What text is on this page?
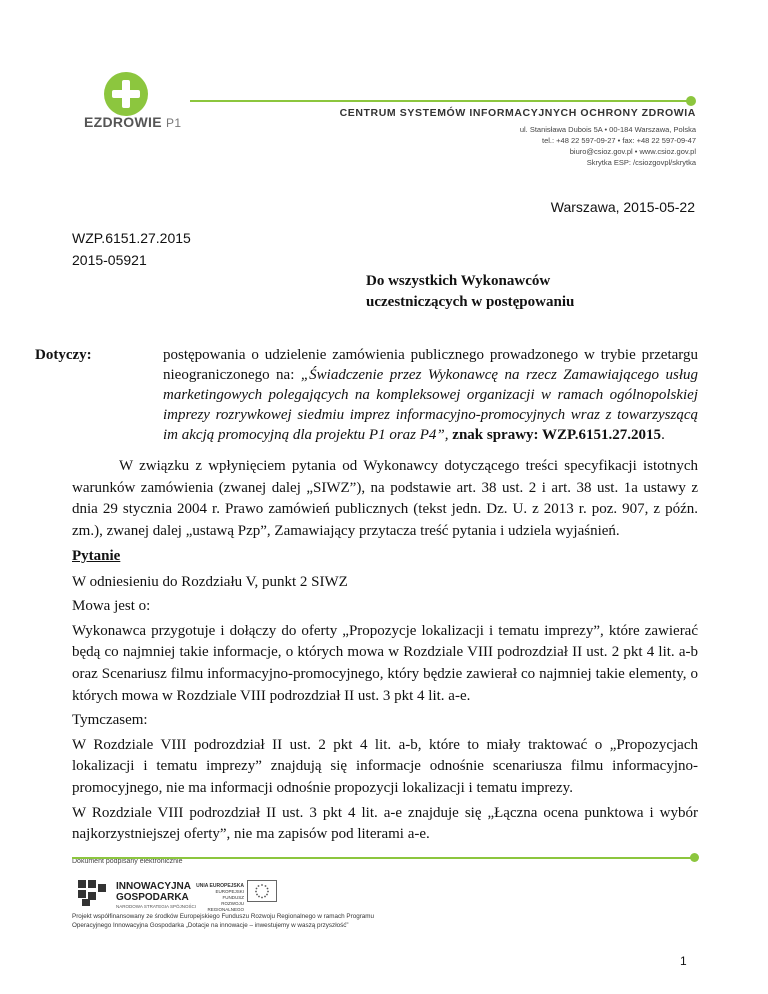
EZDROWIE P1
CENTRUM SYSTEMÓW INFORMACYJNYCH OCHRONY ZDROWIA
ul. Stanisława Dubois 5A • 00-184 Warszawa, Polska
tel.: +48 22 597-09-27 • fax: +48 22 597-09-47
biuro@csioz.gov.pl • www.csioz.gov.pl
Skrytka ESP: /csiozgovpl/skrytka
Warszawa, 2015-05-22
WZP.6151.27.2015
2015-05921
Do wszystkich Wykonawców
uczestniczących w postępowaniu
Dotyczy:	postępowania o udzielenie zamówienia publicznego prowadzonego w trybie przetargu nieograniczonego na: „Świadczenie przez Wykonawcę na rzecz Zamawiającego usług marketingowych polegających na kompleksowej organizacji w ramach ogólnopolskiej imprezy rozrywkowej siedmiu imprez informacyjno-promocyjnych wraz z towarzyszącą im akcją promocyjną dla projektu P1 oraz P4”, znak sprawy: WZP.6151.27.2015.
W związku z wpłynięciem pytania od Wykonawcy dotyczącego treści specyfikacji istotnych warunków zamówienia (zwanej dalej „SIWZ”), na podstawie art. 38 ust. 2 i art. 38 ust. 1a ustawy z dnia 29 stycznia 2004 r. Prawo zamówień publicznych (tekst jedn. Dz. U. z 2013 r. poz. 907, z późn. zm.), zwanej dalej „ustawą Pzp”, Zamawiający przytacza treść pytania i udziela wyjaśnień.

Pytanie

W odniesieniu do Rozdziału V, punkt 2 SIWZ

Mowa jest o:

Wykonawca przygotuje i dołączy do oferty „Propozycje lokalizacji i tematu imprezy”, które zawierać będą co najmniej takie informacje, o których mowa w Rozdziale VIII podrozdział II ust. 2 pkt 4 lit. a-b oraz Scenariusz filmu informacyjno-promocyjnego, który będzie zawierał co najmniej takie elementy, o których mowa w Rozdziale VIII podrozdział II ust. 3 pkt 4 lit. a-e.

Tymczasem:

W Rozdziale VIII podrozdział II ust. 2 pkt 4 lit. a-b, które to miały traktować o „Propozycjach lokalizacji i tematu imprezy” znajdują się informacje odnośnie scenariusza filmu informacyjno-promocyjnego, nie ma informacji odnośnie propozycji lokalizacji i tematu imprezy.

W Rozdziale VIII podrozdział II ust. 3 pkt 4 lit. a-e znajduje się „Łączna ocena punktowa i wybór najkorzystniejszej oferty”, nie ma zapisów pod literami a-e.

Dokument podpisany elektronicznie
INNOWACYJNA
GOSPODARKA
NARODOWA STRATEGIA SPÓJNOŚCI
UNIA EUROPEJSKA
EUROPEJSKI FUNDUSZ
ROZWOJU REGIONALNEGO
Projekt współfinansowany ze środków Europejskiego Funduszu Rozwoju Regionalnego w ramach Programu
Operacyjnego Innowacyjna Gospodarka „Dotacje na innowacje – inwestujemy w waszą przyszłość”
1
